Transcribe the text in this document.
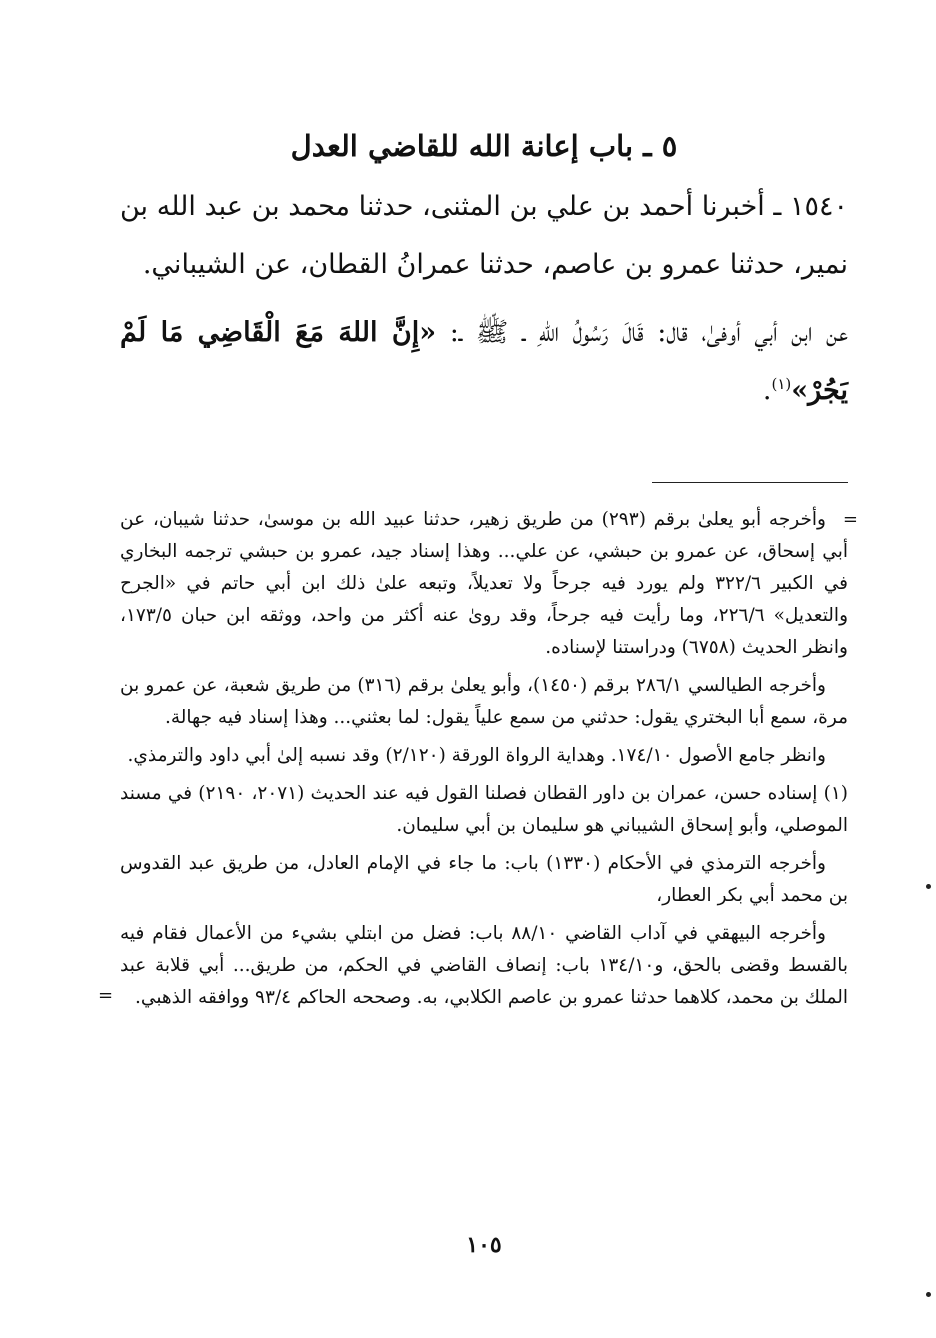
٥ ـ باب إعانة الله للقاضي العدل

١٥٤٠ ـ أخبرنا أحمد بن علي بن المثنى، حدثنا محمد بن عبد الله بن نمير، حدثنا عمرو بن عاصم، حدثنا عمرانُ القطان، عن الشيباني.

عن ابن أبي أوفىٰ، قال: قَالَ رَسُولُ اللهِ ـ ﷺ ـ: «إِنَّ اللهَ مَعَ الْقَاضِي مَا لَمْ يَجُرْ»$^{(١)}$.

=
وأخرجه أبو يعلىٰ برقم (٢٩٣) من طريق زهير، حدثنا عبيد الله بن موسىٰ، حدثنا شيبان، عن أبي إسحاق، عن عمرو بن حبشي، عن علي... وهذا إسناد جيد، عمرو بن حبشي ترجمه البخاري في الكبير ٣٢٢/٦ ولم يورد فيه جرحاً ولا تعديلاً، وتبعه علىٰ ذلك ابن أبي حاتم في «الجرح والتعديل» ٢٢٦/٦، وما رأيت فيه جرحاً، وقد روىٰ عنه أكثر من واحد، ووثقه ابن حبان ١٧٣/٥، وانظر الحديث (٦٧٥٨) ودراستنا لإسناده.

وأخرجه الطيالسي ٢٨٦/١ برقم (١٤٥٠)، وأبو يعلىٰ برقم (٣١٦) من طريق شعبة، عن عمرو بن مرة، سمع أبا البختري يقول: حدثني من سمع علياً يقول: لما بعثني... وهذا إسناد فيه جهالة.

وانظر جامع الأصول ١٧٤/١٠. وهداية الرواة الورقة (٢/١٢٠) وقد نسبه إلىٰ أبي داود والترمذي.

(١) إسناده حسن، عمران بن داور القطان فصلنا القول فيه عند الحديث (٢٠٧١، ٢١٩٠) في مسند الموصلي، وأبو إسحاق الشيباني هو سليمان بن أبي سليمان.

وأخرجه الترمذي في الأحكام (١٣٣٠) باب: ما جاء في الإمام العادل، من طريق عبد القدوس بن محمد أبي بكر العطار،

وأخرجه البيهقي في آداب القاضي ٨٨/١٠ باب: فضل من ابتلي بشيء من الأعمال فقام فيه بالقسط وقضى بالحق، و١٣٤/١٠ باب: إنصاف القاضي في الحكم، من طريق... أبي قلابة عبد الملك بن محمد، كلاهما حدثنا عمرو بن عاصم الكلابي، به. وصححه الحاكم ٩٣/٤ ووافقه الذهبي.
=

١٠٥
